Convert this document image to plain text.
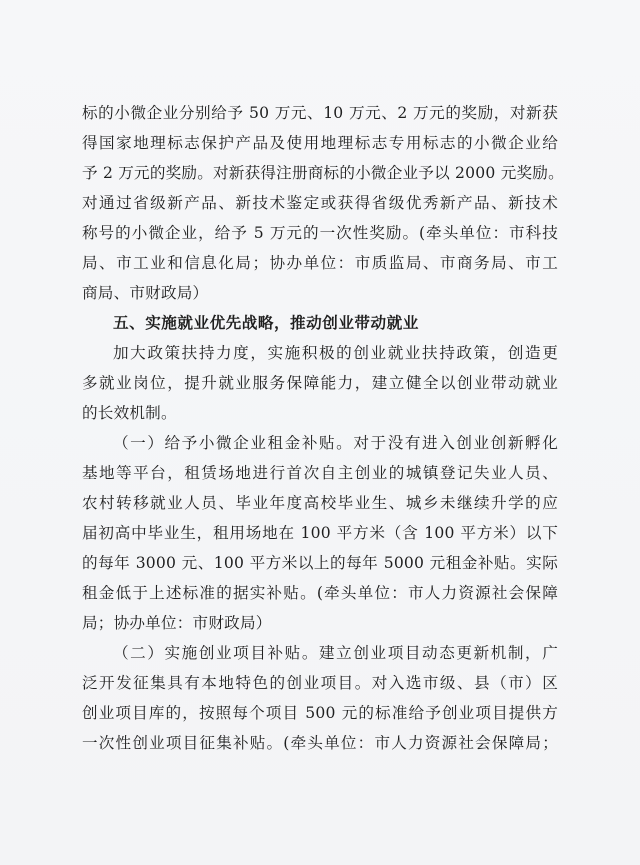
标的小微企业分别给予 50 万元、10 万元、2 万元的奖励，对新获
得国家地理标志保护产品及使用地理标志专用标志的小微企业给
予 2 万元的奖励。对新获得注册商标的小微企业予以 2000 元奖励。
对通过省级新产品、新技术鉴定或获得省级优秀新产品、新技术
称号的小微企业，给予 5 万元的一次性奖励。(牵头单位：市科技
局、市工业和信息化局；协办单位：市质监局、市商务局、市工
商局、市财政局）
五、实施就业优先战略，推动创业带动就业
加大政策扶持力度，实施积极的创业就业扶持政策，创造更
多就业岗位，提升就业服务保障能力，建立健全以创业带动就业
的长效机制。
（一）给予小微企业租金补贴。对于没有进入创业创新孵化
基地等平台，租赁场地进行首次自主创业的城镇登记失业人员、
农村转移就业人员、毕业年度高校毕业生、城乡未继续升学的应
届初高中毕业生，租用场地在 100 平方米（含 100 平方米）以下
的每年 3000 元、100 平方米以上的每年 5000 元租金补贴。实际
租金低于上述标准的据实补贴。(牵头单位：市人力资源社会保障
局；协办单位：市财政局）
（二）实施创业项目补贴。建立创业项目动态更新机制，广
泛开发征集具有本地特色的创业项目。对入选市级、县（市）区
创业项目库的，按照每个项目 500 元的标准给予创业项目提供方
一次性创业项目征集补贴。(牵头单位：市人力资源社会保障局；
